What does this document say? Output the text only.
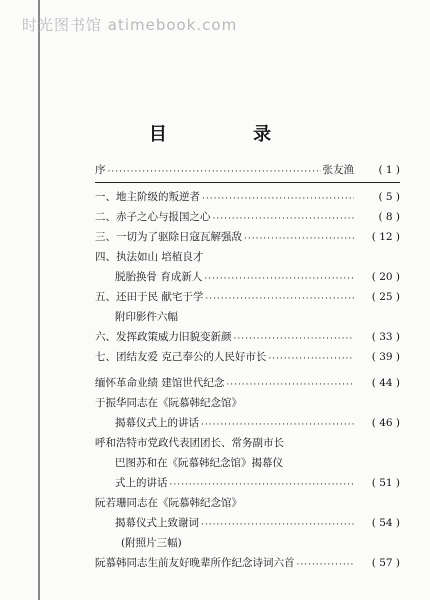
时光图书馆 atimebook.com
目 录
序 ·····	张友渔	( 1 )
一、地主阶级的叛逆者 ·····	( 5 )
二、赤子之心与报国之心 ·····	( 8 )
三、一切为了驱除日寇瓦解强敌 ·····	( 12 )
四、执法如山 培植良才
脱胎换骨 育成新人 ·····	( 20 )
五、还田于民 献宅于学 ·····	( 25 )
附印影件六幅
六、发挥政策威力旧貌变新颜 ·····	( 33 )
七、团结友爱 克己奉公的人民好市长 ·····	( 39 )
缅怀革命业绩 建馆世代纪念 ·····	( 44 )
于振华同志在《阮慕韩纪念馆》
揭幕仪式上的讲话 ·····	( 46 )
呼和浩特市党政代表团团长、常务副市长
巴图苏和在《阮慕韩纪念馆》揭幕仪
式上的讲话 ·····	( 51 )
阮若珊同志在《阮慕韩纪念馆》
揭幕仪式上致谢词 ·····	( 54 )
(附照片三幅)
阮慕韩同志生前友好晚辈所作纪念诗词六首 ·····	( 57 )
